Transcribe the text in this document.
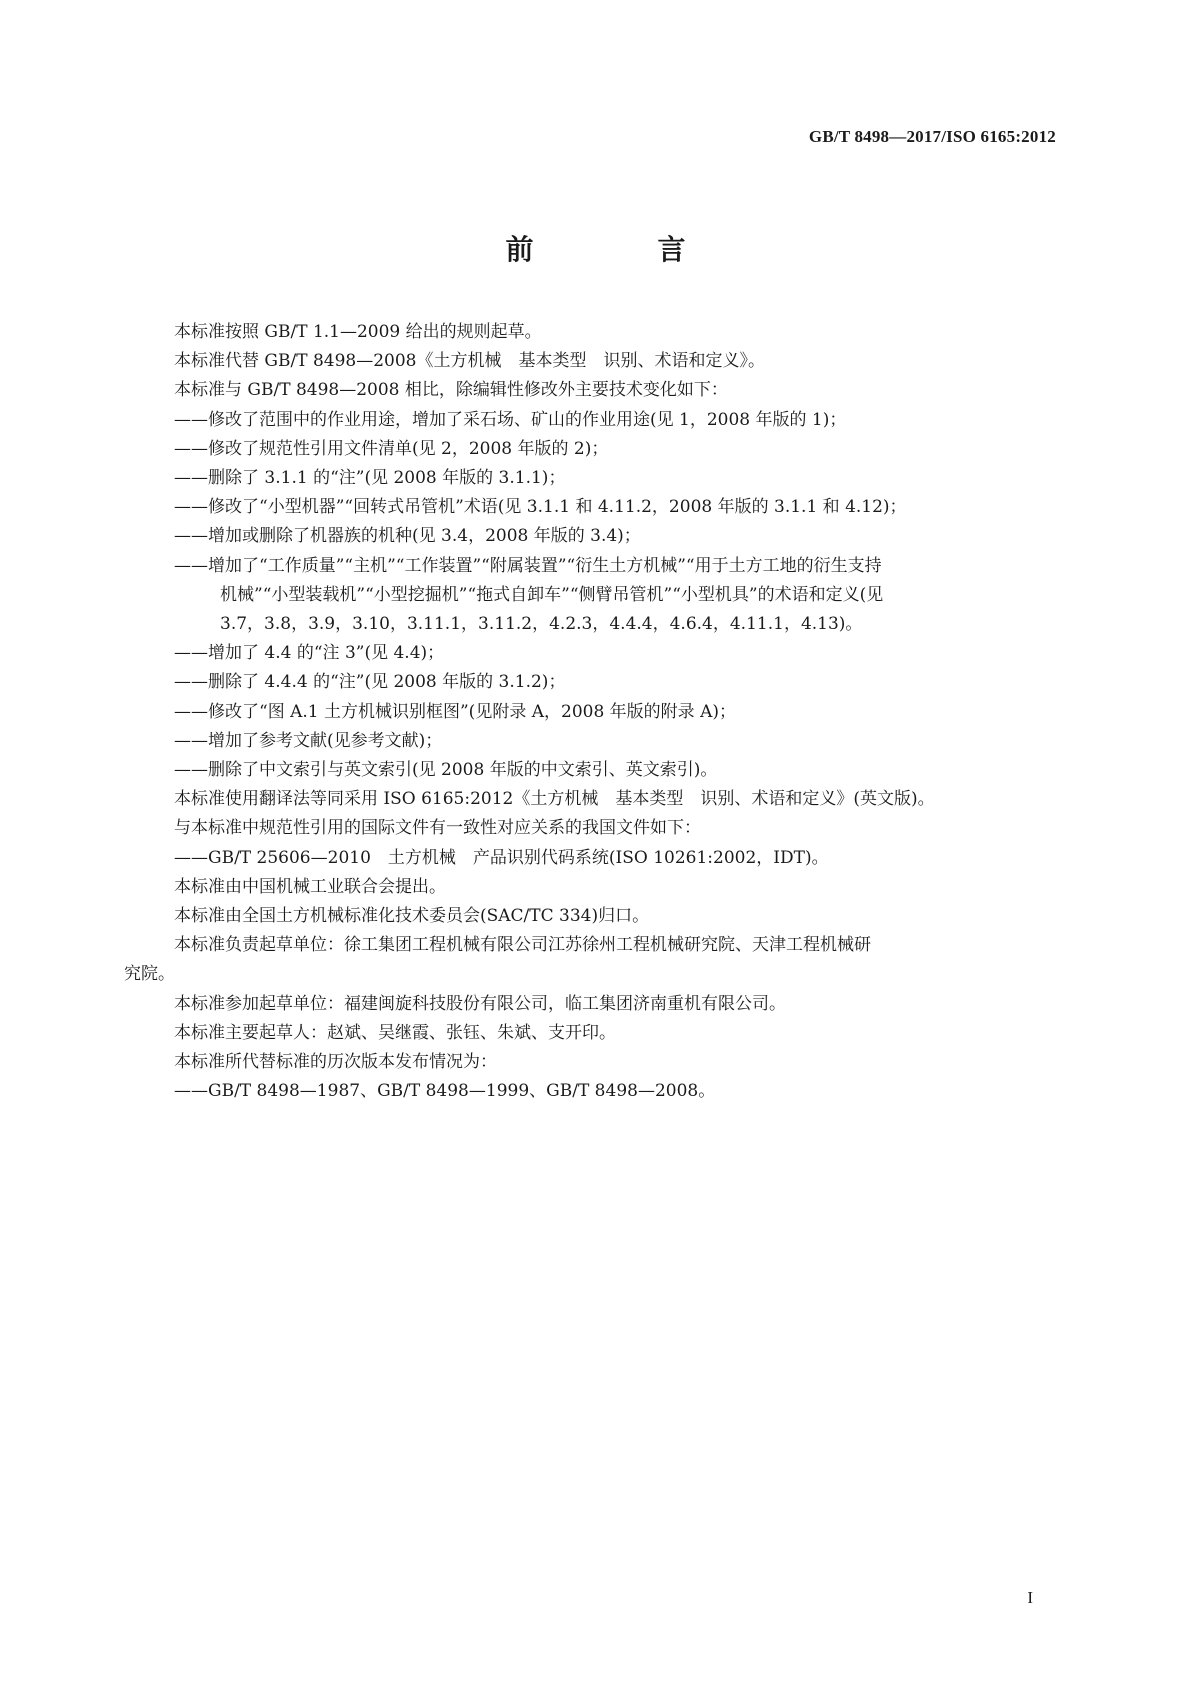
GB/T 8498—2017/ISO 6165:2012
前　言
本标准按照 GB/T 1.1—2009 给出的规则起草。
本标准代替 GB/T 8498—2008《土方机械　基本类型　识别、术语和定义》。
本标准与 GB/T 8498—2008 相比，除编辑性修改外主要技术变化如下：
——修改了范围中的作业用途，增加了采石场、矿山的作业用途(见 1，2008 年版的 1)；
——修改了规范性引用文件清单(见 2，2008 年版的 2)；
——删除了 3.1.1 的“注”(见 2008 年版的 3.1.1)；
——修改了“小型机器”“回转式吊管机”术语(见 3.1.1 和 4.11.2，2008 年版的 3.1.1 和 4.12)；
——增加或删除了机器族的机种(见 3.4，2008 年版的 3.4)；
——增加了“工作质量”“主机”“工作装置”“附属装置”“衍生土方机械”“用于土方工地的衍生支持
机械”“小型装载机”“小型挖掘机”“拖式自卸车”“侧臂吊管机”“小型机具”的术语和定义(见
3.7，3.8，3.9，3.10，3.11.1，3.11.2，4.2.3，4.4.4，4.6.4，4.11.1，4.13)。
——增加了 4.4 的“注 3”(见 4.4)；
——删除了 4.4.4 的“注”(见 2008 年版的 3.1.2)；
——修改了“图 A.1 土方机械识别框图”(见附录 A，2008 年版的附录 A)；
——增加了参考文献(见参考文献)；
——删除了中文索引与英文索引(见 2008 年版的中文索引、英文索引)。
本标准使用翻译法等同采用 ISO 6165:2012《土方机械　基本类型　识别、术语和定义》(英文版)。
与本标准中规范性引用的国际文件有一致性对应关系的我国文件如下：
——GB/T 25606—2010　土方机械　产品识别代码系统(ISO 10261:2002，IDT)。
本标准由中国机械工业联合会提出。
本标准由全国土方机械标准化技术委员会(SAC/TC 334)归口。
本标准负责起草单位：徐工集团工程机械有限公司江苏徐州工程机械研究院、天津工程机械研
究院。
本标准参加起草单位：福建闽旋科技股份有限公司，临工集团济南重机有限公司。
本标准主要起草人：赵斌、吴继霞、张钰、朱斌、支开印。
本标准所代替标准的历次版本发布情况为：
——GB/T 8498—1987、GB/T 8498—1999、GB/T 8498—2008。
I
